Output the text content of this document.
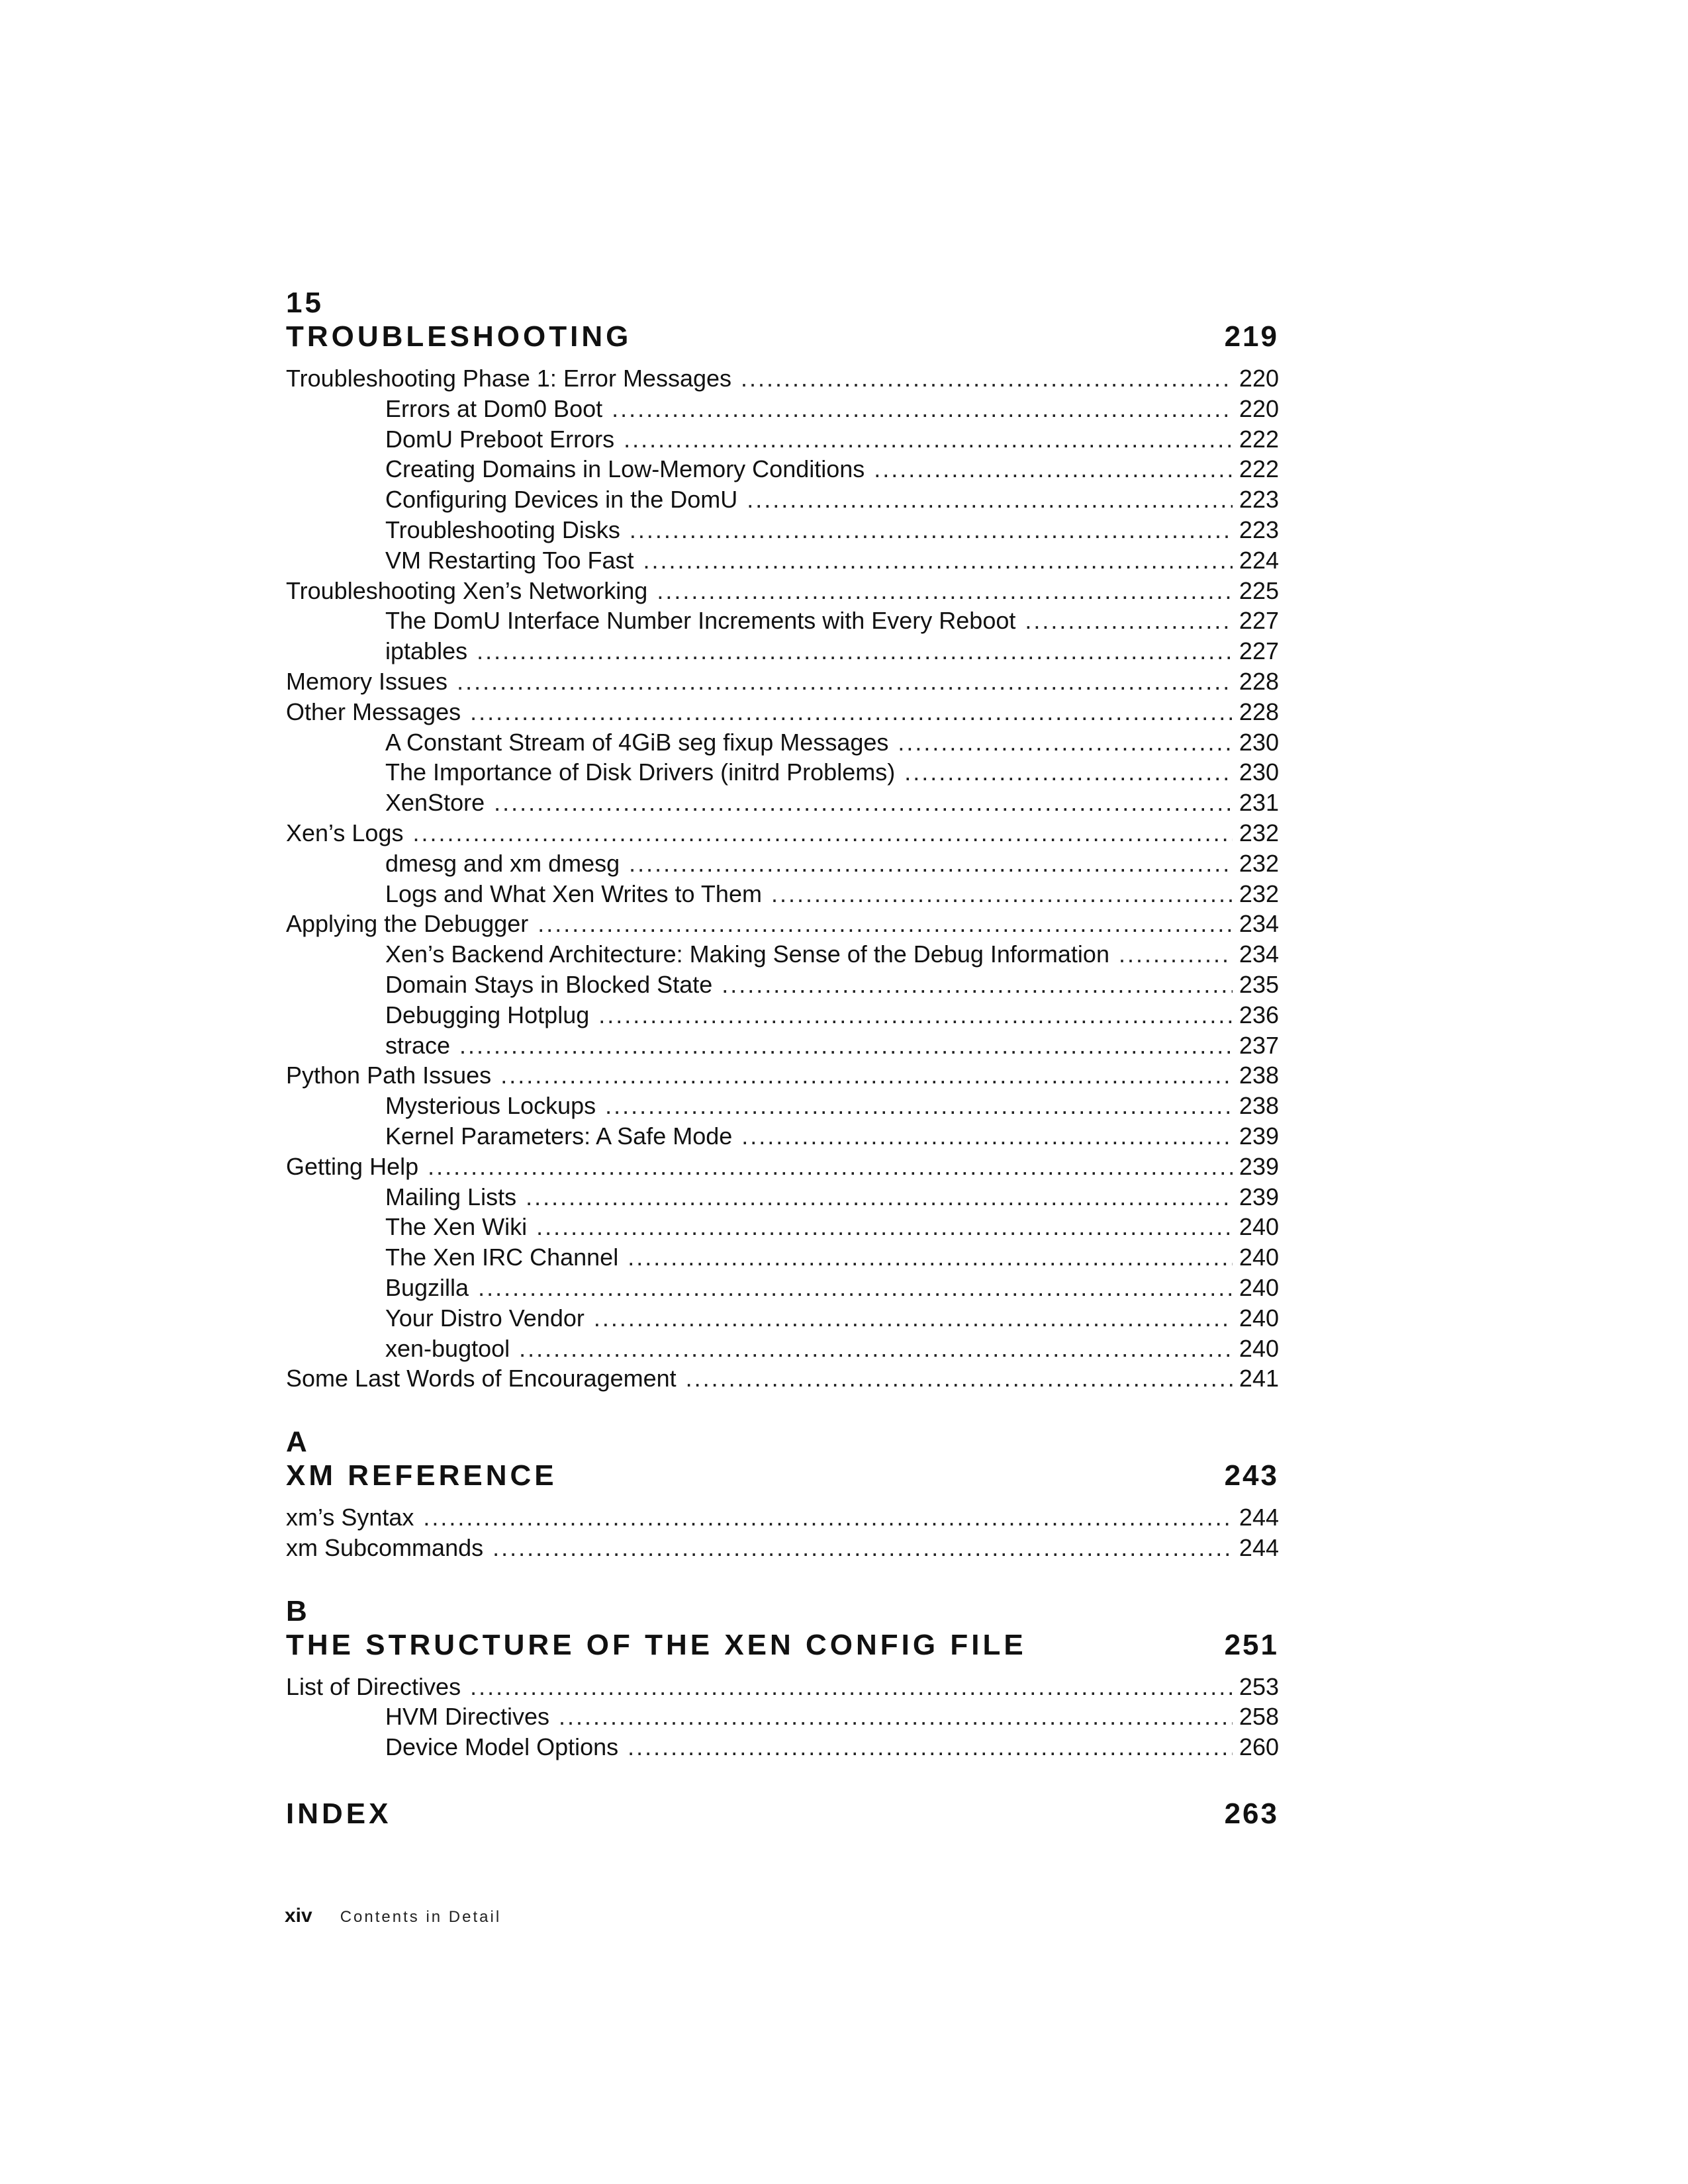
15
TROUBLESHOOTING	219
Troubleshooting Phase 1: Error Messages .....	220
Errors at Dom0 Boot .....	220
DomU Preboot Errors .....	222
Creating Domains in Low-Memory Conditions .....	222
Configuring Devices in the DomU .....	223
Troubleshooting Disks .....	223
VM Restarting Too Fast .....	224
Troubleshooting Xen’s Networking .....	225
The DomU Interface Number Increments with Every Reboot .....	227
iptables .....	227
Memory Issues .....	228
Other Messages .....	228
A Constant Stream of 4GiB seg fixup Messages .....	230
The Importance of Disk Drivers (initrd Problems) .....	230
XenStore .....	231
Xen’s Logs .....	232
dmesg and xm dmesg .....	232
Logs and What Xen Writes to Them .....	232
Applying the Debugger .....	234
Xen’s Backend Architecture: Making Sense of the Debug Information .....	234
Domain Stays in Blocked State .....	235
Debugging Hotplug .....	236
strace .....	237
Python Path Issues .....	238
Mysterious Lockups .....	238
Kernel Parameters: A Safe Mode .....	239
Getting Help .....	239
Mailing Lists .....	239
The Xen Wiki .....	240
The Xen IRC Channel .....	240
Bugzilla .....	240
Your Distro Vendor .....	240
xen-bugtool .....	240
Some Last Words of Encouragement .....	241
A
XM REFERENCE	243
xm’s Syntax .....	244
xm Subcommands .....	244
B
THE STRUCTURE OF THE XEN CONFIG FILE	251
List of Directives .....	253
HVM Directives .....	258
Device Model Options .....	260
INDEX	263
xiv Contents in Detail
